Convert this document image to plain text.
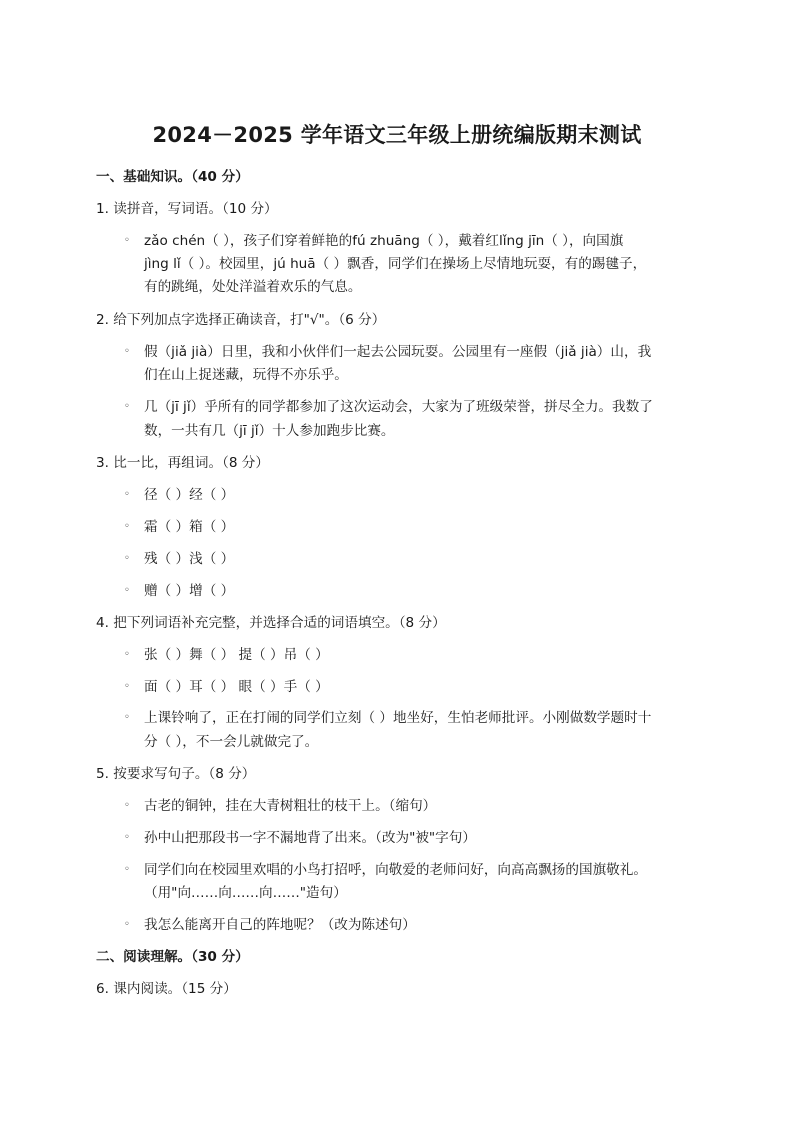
2024－2025 学年语文三年级上册统编版期末测试
一、基础知识。（40 分）
1. 读拼音，写词语。（10 分）
◦ zǎo chén（ ），孩子们穿着鲜艳的fú zhuāng（ ），戴着红lǐng jīn（ ），向国旗
jìng lǐ（ ）。校园里，jú huā（ ）飘香，同学们在操场上尽情地玩耍，有的踢毽子，
有的跳绳，处处洋溢着欢乐的气息。
2. 给下列加点字选择正确读音，打"√"。（6 分）
◦ 假（jiǎ jià）日里，我和小伙伴们一起去公园玩耍。公园里有一座假（jiǎ jià）山，我
们在山上捉迷藏，玩得不亦乐乎。
◦ 几（jī jǐ）乎所有的同学都参加了这次运动会，大家为了班级荣誉，拼尽全力。我数了
数，一共有几（jī jǐ）十人参加跑步比赛。
3. 比一比，再组词。（8 分）
◦ 径（ ）经（ ）
◦ 霜（ ）箱（ ）
◦ 残（ ）浅（ ）
◦ 赠（ ）增（ ）
4. 把下列词语补充完整，并选择合适的词语填空。（8 分）
◦ 张（ ）舞（ ） 提（ ）吊（ ）
◦ 面（ ）耳（ ） 眼（ ）手（ ）
◦ 上课铃响了，正在打闹的同学们立刻（ ）地坐好，生怕老师批评。小刚做数学题时十
分（ ），不一会儿就做完了。
5. 按要求写句子。（8 分）
◦ 古老的铜钟，挂在大青树粗壮的枝干上。（缩句）
◦ 孙中山把那段书一字不漏地背了出来。（改为"被"字句）
◦ 同学们向在校园里欢唱的小鸟打招呼，向敬爱的老师问好，向高高飘扬的国旗敬礼。
（用"向……向……向……"造句）
◦ 我怎么能离开自己的阵地呢？（改为陈述句）
二、阅读理解。（30 分）
6. 课内阅读。（15 分）
